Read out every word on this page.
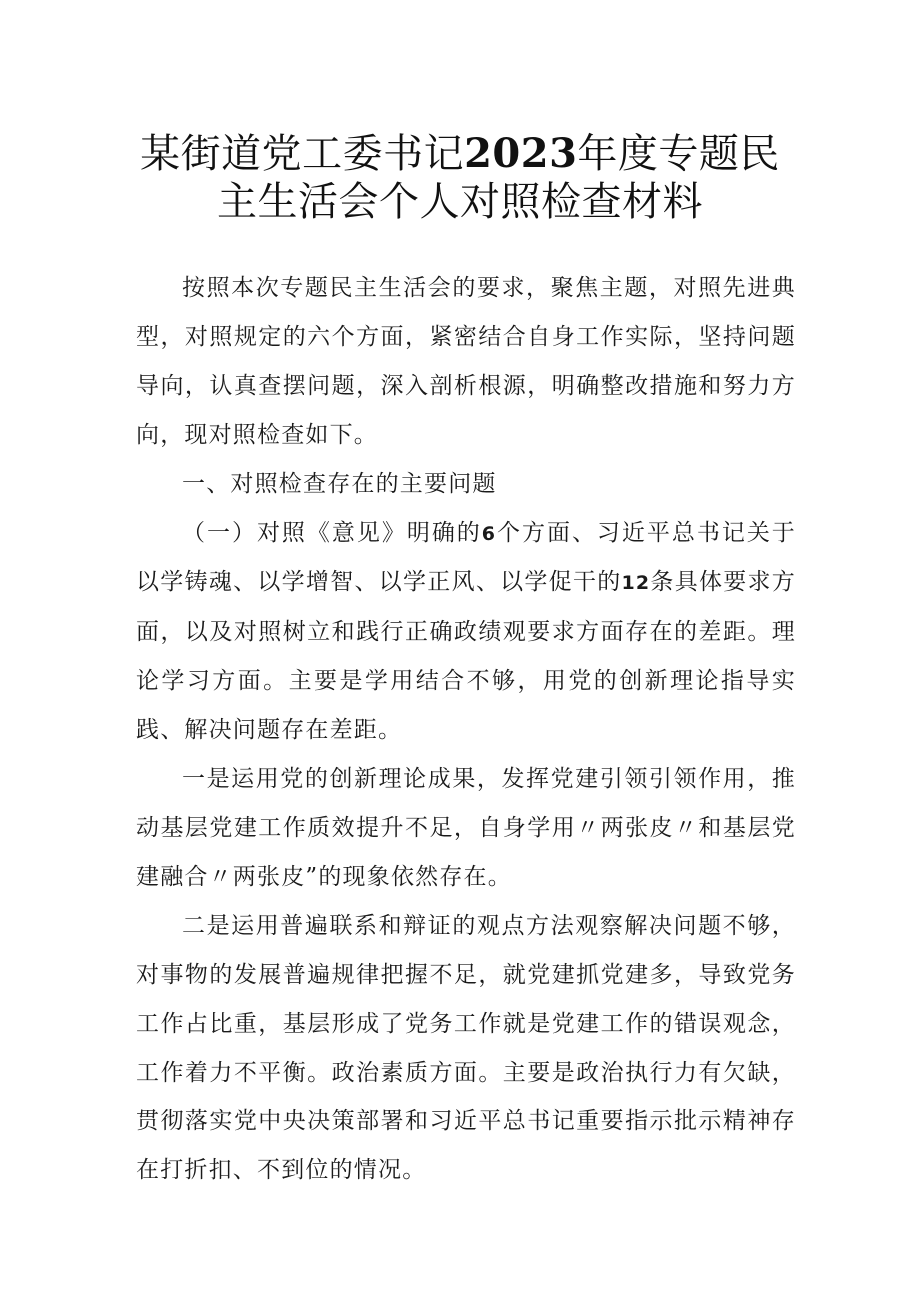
某街道党工委书记2023年度专题民
主生活会个人对照检查材料

按照本次专题民主生活会的要求，聚焦主题，对照先进典型，对照规定的六个方面，紧密结合自身工作实际，坚持问题导向，认真查摆问题，深入剖析根源，明确整改措施和努力方向，现对照检查如下。

一、对照检查存在的主要问题

（一）对照《意见》明确的6个方面、习近平总书记关于以学铸魂、以学增智、以学正风、以学促干的12条具体要求方面，以及对照树立和践行正确政绩观要求方面存在的差距。理论学习方面。主要是学用结合不够，用党的创新理论指导实践、解决问题存在差距。

一是运用党的创新理论成果，发挥党建引领引领作用，推动基层党建工作质效提升不足，自身学用〃两张皮〃和基层党建融合〃两张皮”的现象依然存在。

二是运用普遍联系和辩证的观点方法观察解决问题不够，对事物的发展普遍规律把握不足，就党建抓党建多，导致党务工作占比重，基层形成了党务工作就是党建工作的错误观念，工作着力不平衡。政治素质方面。主要是政治执行力有欠缺，贯彻落实党中央决策部署和习近平总书记重要指示批示精神存在打折扣、不到位的情况。
